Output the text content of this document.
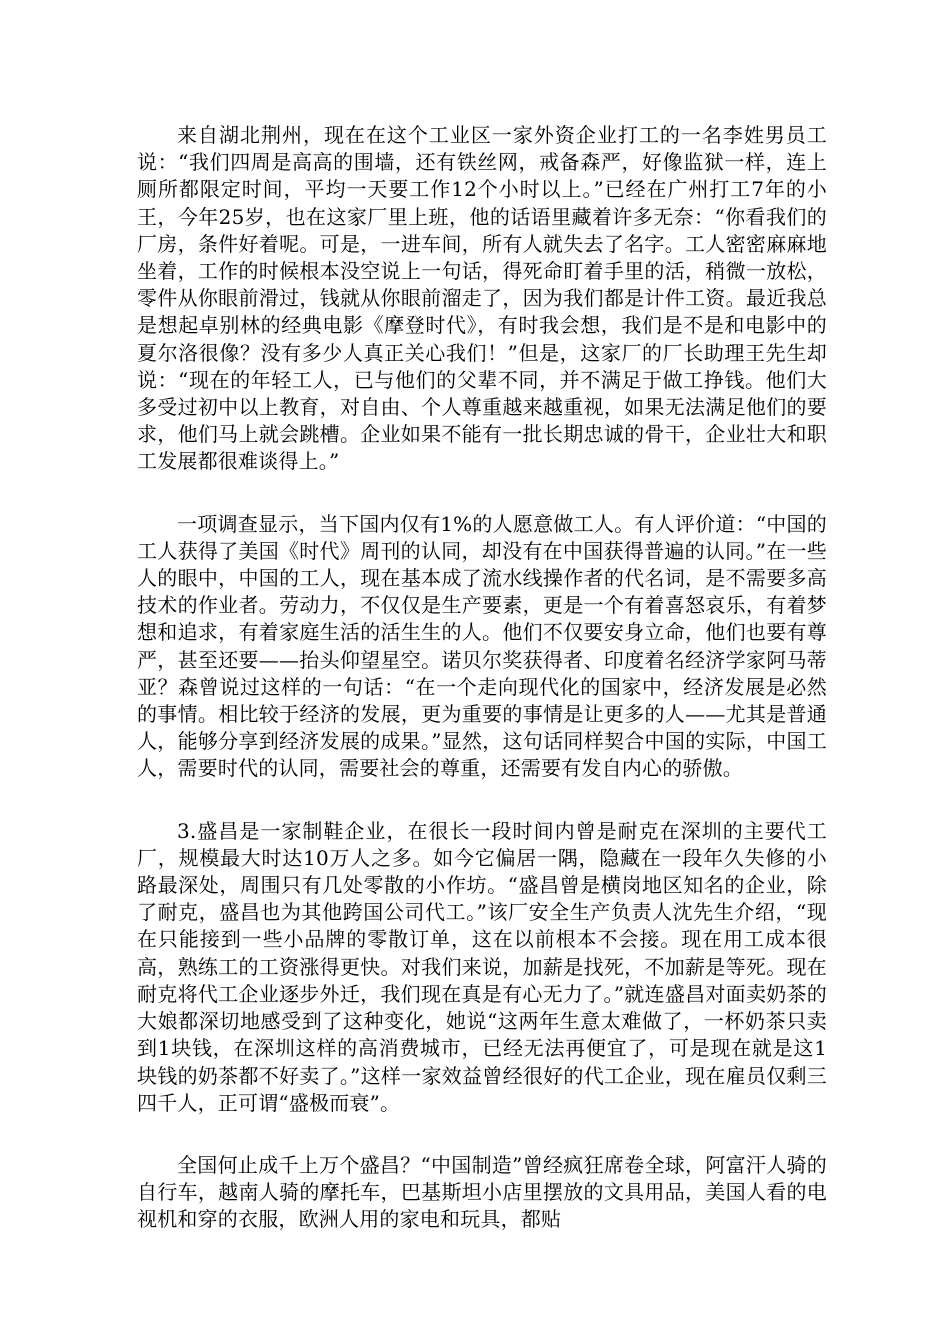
来自湖北荆州，现在在这个工业区一家外资企业打工的一名李姓男员工说：“我们四周是高高的围墙，还有铁丝网，戒备森严，好像监狱一样，连上厕所都限定时间，平均一天要工作12个小时以上。”已经在广州打工7年的小王，今年25岁，也在这家厂里上班，他的话语里藏着许多无奈：“你看我们的厂房，条件好着呢。可是，一进车间，所有人就失去了名字。工人密密麻麻地坐着，工作的时候根本没空说上一句话，得死命盯着手里的活，稍微一放松，零件从你眼前滑过，钱就从你眼前溜走了，因为我们都是计件工资。最近我总是想起卓别林的经典电影《摩登时代》，有时我会想，我们是不是和电影中的夏尔洛很像？没有多少人真正关心我们！”但是，这家厂的厂长助理王先生却说：“现在的年轻工人，已与他们的父辈不同，并不满足于做工挣钱。他们大多受过初中以上教育，对自由、个人尊重越来越重视，如果无法满足他们的要求，他们马上就会跳槽。企业如果不能有一批长期忠诚的骨干，企业壮大和职工发展都很难谈得上。”

一项调查显示，当下国内仅有1%的人愿意做工人。有人评价道：“中国的工人获得了美国《时代》周刊的认同，却没有在中国获得普遍的认同。”在一些人的眼中，中国的工人，现在基本成了流水线操作者的代名词，是不需要多高技术的作业者。劳动力，不仅仅是生产要素，更是一个有着喜怒哀乐，有着梦想和追求，有着家庭生活的活生生的人。他们不仅要安身立命，他们也要有尊严，甚至还要——抬头仰望星空。诺贝尔奖获得者、印度着名经济学家阿马蒂亚？森曾说过这样的一句话：“在一个走向现代化的国家中，经济发展是必然的事情。相比较于经济的发展，更为重要的事情是让更多的人——尤其是普通人，能够分享到经济发展的成果。”显然，这句话同样契合中国的实际，中国工人，需要时代的认同，需要社会的尊重，还需要有发自内心的骄傲。

3.盛昌是一家制鞋企业，在很长一段时间内曾是耐克在深圳的主要代工厂，规模最大时达10万人之多。如今它偏居一隅，隐藏在一段年久失修的小路最深处，周围只有几处零散的小作坊。“盛昌曾是横岗地区知名的企业，除了耐克，盛昌也为其他跨国公司代工。”该厂安全生产负责人沈先生介绍，“现在只能接到一些小品牌的零散订单，这在以前根本不会接。现在用工成本很高，熟练工的工资涨得更快。对我们来说，加薪是找死，不加薪是等死。现在耐克将代工企业逐步外迁，我们现在真是有心无力了。”就连盛昌对面卖奶茶的大娘都深切地感受到了这种变化，她说“这两年生意太难做了，一杯奶茶只卖到1块钱，在深圳这样的高消费城市，已经无法再便宜了，可是现在就是这1块钱的奶茶都不好卖了。”这样一家效益曾经很好的代工企业，现在雇员仅剩三四千人，正可谓“盛极而衰”。

全国何止成千上万个盛昌？“中国制造”曾经疯狂席卷全球，阿富汗人骑的自行车，越南人骑的摩托车，巴基斯坦小店里摆放的文具用品，美国人看的电视机和穿的衣服，欧洲人用的家电和玩具，都贴
